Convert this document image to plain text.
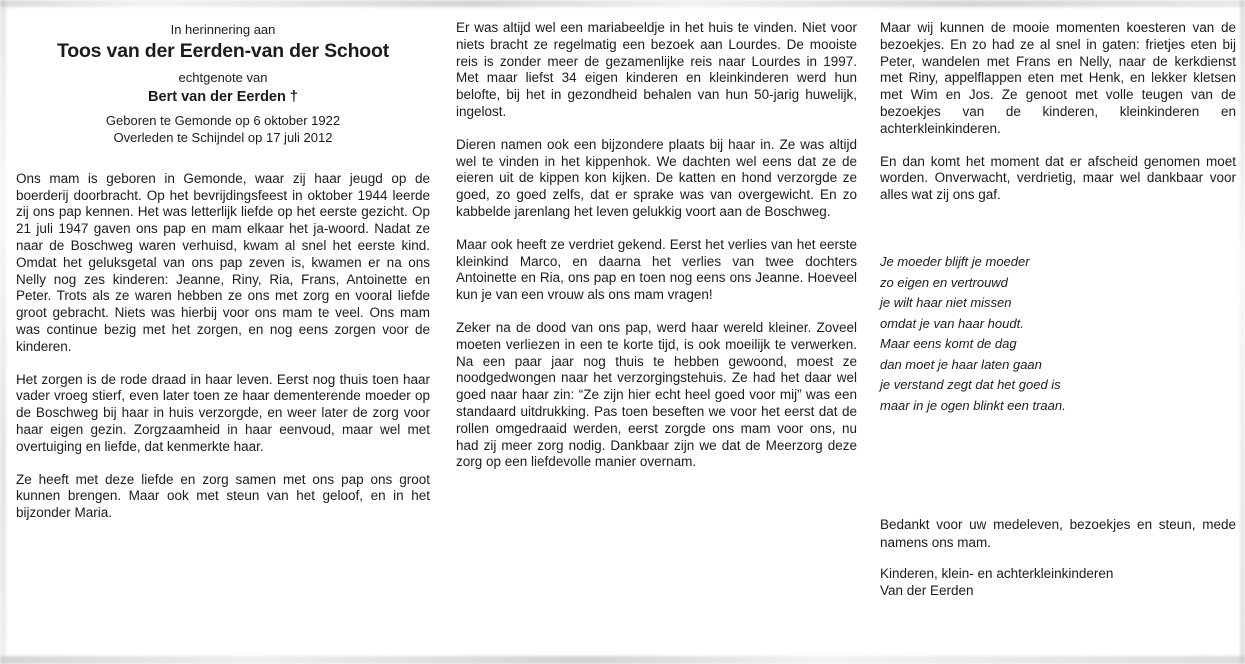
In herinnering aan
Toos van der Eerden-van der Schoot
echtgenote van
Bert van der Eerden †
Geboren te Gemonde op 6 oktober 1922
Overleden te Schijndel op 17 juli 2012

Ons mam is geboren in Gemonde, waar zij haar jeugd op de boerderij doorbracht. Op het bevrijdingsfeest in oktober 1944 leerde zij ons pap kennen. Het was letterlijk liefde op het eerste gezicht. Op 21 juli 1947 gaven ons pap en mam elkaar het ja-woord. Nadat ze naar de Boschweg waren verhuisd, kwam al snel het eerste kind. Omdat het geluksgetal van ons pap zeven is, kwamen er na ons Nelly nog zes kinderen: Jeanne, Riny, Ria, Frans, Antoinette en Peter. Trots als ze waren hebben ze ons met zorg en vooral liefde groot gebracht. Niets was hierbij voor ons mam te veel. Ons mam was continue bezig met het zorgen, en nog eens zorgen voor de kinderen.

Het zorgen is de rode draad in haar leven. Eerst nog thuis toen haar vader vroeg stierf, even later toen ze haar dementerende moeder op de Boschweg bij haar in huis verzorgde, en weer later de zorg voor haar eigen gezin. Zorgzaamheid in haar eenvoud, maar wel met overtuiging en liefde, dat kenmerkte haar.

Ze heeft met deze liefde en zorg samen met ons pap ons groot kunnen brengen. Maar ook met steun van het geloof, en in het bijzonder Maria.

Er was altijd wel een mariabeeldje in het huis te vinden. Niet voor niets bracht ze regelmatig een bezoek aan Lourdes. De mooiste reis is zonder meer de gezamenlijke reis naar Lourdes in 1997. Met maar liefst 34 eigen kinderen en kleinkinderen werd hun belofte, bij het in gezondheid behalen van hun 50-jarig huwelijk, ingelost.

Dieren namen ook een bijzondere plaats bij haar in. Ze was altijd wel te vinden in het kippenhok. We dachten wel eens dat ze de eieren uit de kippen kon kijken. De katten en hond verzorgde ze goed, zo goed zelfs, dat er sprake was van overgewicht. En zo kabbelde jarenlang het leven gelukkig voort aan de Boschweg.

Maar ook heeft ze verdriet gekend. Eerst het verlies van het eerste kleinkind Marco, en daarna het verlies van twee dochters Antoinette en Ria, ons pap en toen nog eens ons Jeanne. Hoeveel kun je van een vrouw als ons mam vragen!

Zeker na de dood van ons pap, werd haar wereld kleiner. Zoveel moeten verliezen in een te korte tijd, is ook moeilijk te verwerken. Na een paar jaar nog thuis te hebben gewoond, moest ze noodgedwongen naar het verzorgingstehuis. Ze had het daar wel goed naar haar zin: “Ze zijn hier echt heel goed voor mij” was een standaard uitdrukking. Pas toen beseften we voor het eerst dat de rollen omgedraaid werden, eerst zorgde ons mam voor ons, nu had zij meer zorg nodig. Dankbaar zijn we dat de Meerzorg deze zorg op een liefdevolle manier overnam.

Maar wij kunnen de mooie momenten koesteren van de bezoekjes. En zo had ze al snel in gaten: frietjes eten bij Peter, wandelen met Frans en Nelly, naar de kerkdienst met Riny, appelflappen eten met Henk, en lekker kletsen met Wim en Jos. Ze genoot met volle teugen van de bezoekjes van de kinderen, kleinkinderen en achterkleinkinderen.

En dan komt het moment dat er afscheid genomen moet worden. Onverwacht, verdrietig, maar wel dankbaar voor alles wat zij ons gaf.

Je moeder blijft je moeder
zo eigen en vertrouwd
je wilt haar niet missen
omdat je van haar houdt.
Maar eens komt de dag
dan moet je haar laten gaan
je verstand zegt dat het goed is
maar in je ogen blinkt een traan.

Bedankt voor uw medeleven, bezoekjes en steun, mede namens ons mam.

Kinderen, klein- en achterkleinkinderen
Van der Eerden
